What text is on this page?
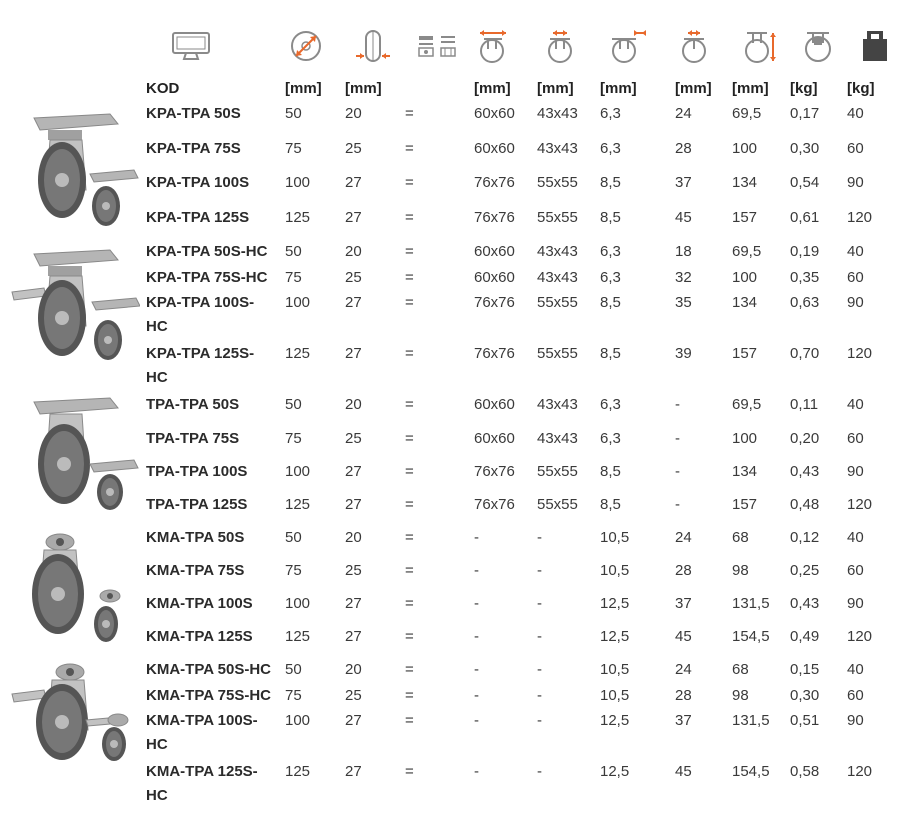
KOD	[mm] [mm]	[mm] [mm] [mm]	[mm] [mm] [kg] [kg]
KPA-TPA 50S	50	20	=	60x60 43x43 6,3	24	69,5 0,17 40
KPA-TPA 75S	75	25	=	60x60 43x43 6,3	28	100 0,30 60
KPA-TPA 100S	100 27	=	76x76 55x55 8,5	37	134 0,54 90
KPA-TPA 125S	125 27	=	76x76 55x55 8,5	45	157 0,61 120
KPA-TPA 50S-HC	50	20	=	60x60 43x43 6,3	18	69,5 0,19 40
KPA-TPA 75S-HC	75	25	=	60x60 43x43 6,3	32	100 0,35 60
KPA-TPA 100S-​HC
100 27	=	76x76 55x55 8,5	35	134 0,63 90
KPA-TPA 125S-​HC
125 27	=	76x76 55x55 8,5	39	157 0,70 120
TPA-TPA 50S	50	20	=	60x60 43x43 6,3	-	69,5 0,11 40
TPA-TPA 75S	75	25	=	60x60 43x43 6,3	-	100 0,20 60
TPA-TPA 100S	100 27	=	76x76 55x55 8,5	-	134 0,43 90
TPA-TPA 125S	125 27	=	76x76 55x55 8,5	-	157 0,48 120
KMA-TPA 50S	50	20	=	-	-	10,5	24	68	0,12 40
KMA-TPA 75S	75	25	=	-	-	10,5	28	98	0,25 60
KMA-TPA 100S	100 27	=	-	-	12,5	37	131,5 0,43 90
KMA-TPA 125S	125 27	=	-	-	12,5	45	154,5 0,49 120
KMA-TPA 50S-HC 50	20	=	-	-	10,5	24	68	0,15 40
KMA-TPA 75S-HC 75	25	=	-	-	10,5	28	98	0,30 60
KMA-TPA 100S-​HC
100 27	=	-	-	12,5	37	131,5 0,51 90
KMA-TPA 125S-​HC
125 27	=	-	-	12,5	45	154,5 0,58 120
